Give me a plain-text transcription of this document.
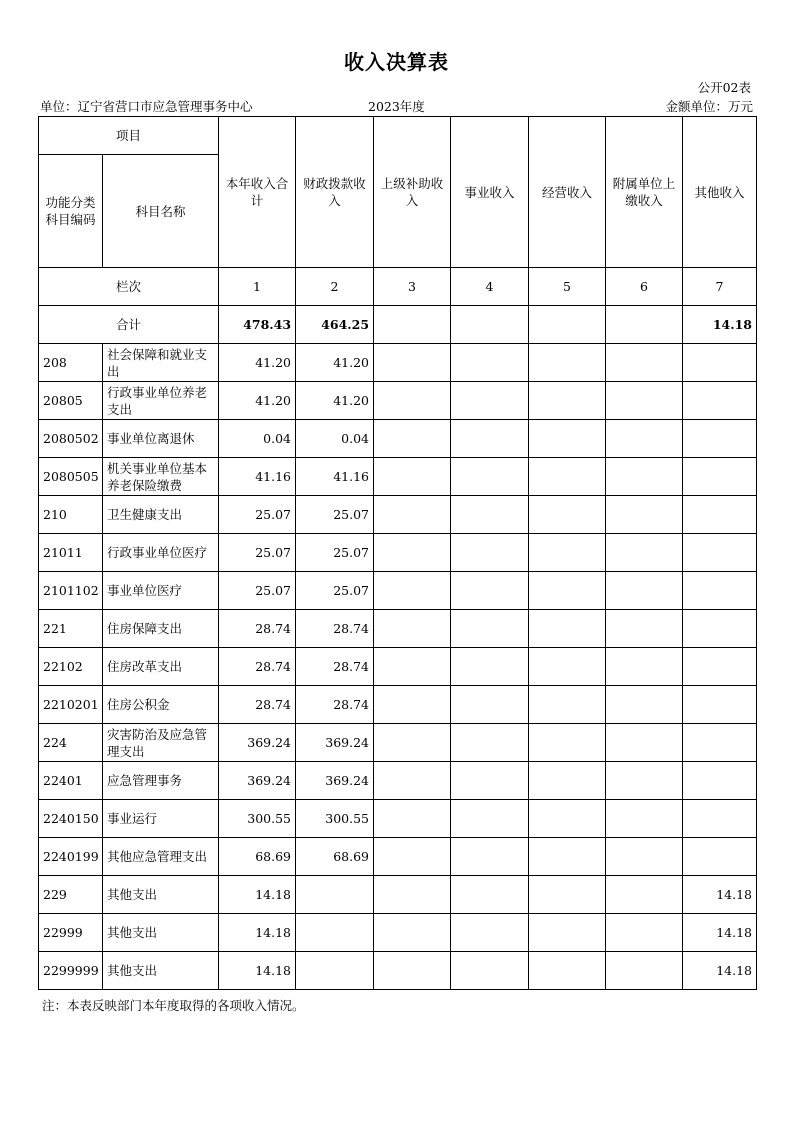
收入决算表
公开02表
单位：辽宁省营口市应急管理事务中心	2023年度	金额单位：万元
项目		本年收入合计	财政拨款收入	上级补助收入	事业收入	经营收入	附属单位上缴收入	其他收入
功能分类科目编码	科目名称							
栏次		1	2	3	4	5	6	7
合计		478.43	464.25					14.18
208	社会保障和就业支出	41.20	41.20					
20805	行政事业单位养老支出	41.20	41.20					
2080502	事业单位离退休	0.04	0.04					
2080505	机关事业单位基本养老保险缴费	41.16	41.16					
210	卫生健康支出	25.07	25.07					
21011	行政事业单位医疗	25.07	25.07					
2101102	事业单位医疗	25.07	25.07					
221	住房保障支出	28.74	28.74					
22102	住房改革支出	28.74	28.74					
2210201	住房公积金	28.74	28.74					
224	灾害防治及应急管理支出	369.24	369.24					
22401	应急管理事务	369.24	369.24					
2240150	事业运行	300.55	300.55					
2240199	其他应急管理支出	68.69	68.69					
229	其他支出	14.18						14.18
22999	其他支出	14.18						14.18
2299999	其他支出	14.18						14.18
注：本表反映部门本年度取得的各项收入情况。
